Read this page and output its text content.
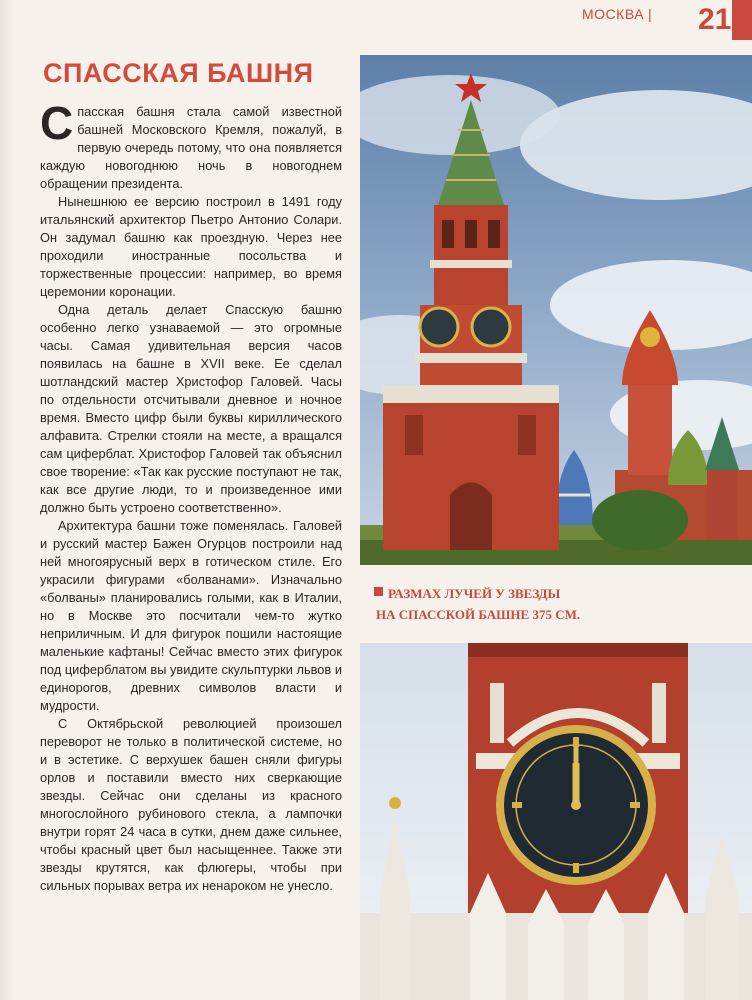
МОСКВА | 21
СПАССКАЯ БАШНЯ

Спасская башня стала самой известной башней Московского Кремля, пожалуй, в первую очередь потому, что она появляется каждую новогоднюю ночь в новогоднем обращении президента.

Нынешнюю ее версию построил в 1491 году итальянский архитектор Пьетро Антонио Солари. Он задумал башню как проездную. Через нее проходили иностранные посольства и торжественные процессии: например, во время церемонии коронации.

Одна деталь делает Спасскую башню особенно легко узнаваемой — это огромные часы. Самая удивительная версия часов появилась на башне в XVII веке. Ее сделал шотландский мастер Христофор Галовей. Часы по отдельности отсчитывали дневное и ночное время. Вместо цифр были буквы кириллического алфавита. Стрелки стояли на месте, а вращался сам циферблат. Христофор Галовей так объяснил свое творение: «Так как русские поступают не так, как все другие люди, то и произведенное ими должно быть устроено соответственно».

Архитектура башни тоже поменялась. Галовей и русский мастер Бажен Огурцов построили над ней многоярусный верх в готическом стиле. Его украсили фигурами «болванами». Изначально «болваны» планировались голыми, как в Италии, но в Москве это посчитали чем-то жутко неприличным. И для фигурок пошили настоящие маленькие кафтаны! Сейчас вместо этих фигурок под циферблатом вы увидите скульптурки львов и единорогов, древних символов власти и мудрости.

С Октябрьской революцией произошел переворот не только в политической системе, но и в эстетике. С верхушек башен сняли фигуры орлов и поставили вместо них сверкающие звезды. Сейчас они сделаны из красного многослойного рубинового стекла, а лампочки внутри горят 24 часа в сутки, днем даже сильнее, чтобы красный цвет был насыщеннее. Также эти звезды крутятся, как флюгеры, чтобы при сильных порывах ветра их ненароком не унесло.

РАЗМАХ ЛУЧЕЙ У ЗВЕЗДЫ
НА СПАССКОЙ БАШНЕ 375 СМ.
